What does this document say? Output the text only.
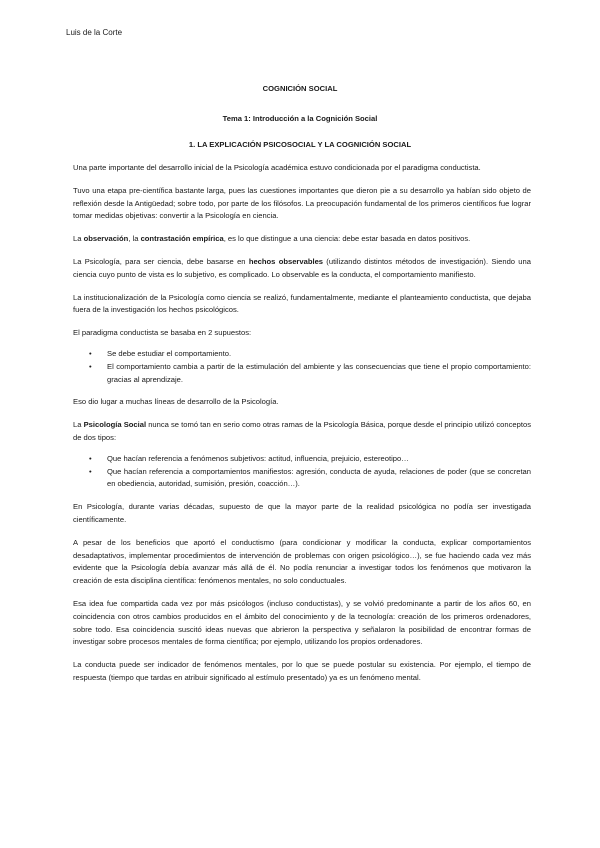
Luis de la Corte
COGNICIÓN SOCIAL
Tema 1: Introducción a la Cognición Social
1. LA EXPLICACIÓN PSICOSOCIAL Y LA COGNICIÓN SOCIAL

Una parte importante del desarrollo inicial de la Psicología académica estuvo condicionada por el paradigma conductista.

Tuvo una etapa pre-científica bastante larga, pues las cuestiones importantes que dieron pie a su desarrollo ya habían sido objeto de reflexión desde la Antigüedad; sobre todo, por parte de los filósofos. La preocupación fundamental de los primeros científicos fue lograr tomar medidas objetivas: convertir a la Psicología en ciencia.

La observación, la contrastación empírica, es lo que distingue a una ciencia: debe estar basada en datos positivos.

La Psicología, para ser ciencia, debe basarse en hechos observables (utilizando distintos métodos de investigación). Siendo una ciencia cuyo punto de vista es lo subjetivo, es complicado. Lo observable es la conducta, el comportamiento manifiesto.

La institucionalización de la Psicología como ciencia se realizó, fundamentalmente, mediante el planteamiento conductista, que dejaba fuera de la investigación los hechos psicológicos.

El paradigma conductista se basaba en 2 supuestos:

• Se debe estudiar el comportamiento.
• El comportamiento cambia a partir de la estimulación del ambiente y las consecuencias que tiene el propio comportamiento: gracias al aprendizaje.

Eso dio lugar a muchas líneas de desarrollo de la Psicología.

La Psicología Social nunca se tomó tan en serio como otras ramas de la Psicología Básica, porque desde el principio utilizó conceptos de dos tipos:

• Que hacían referencia a fenómenos subjetivos: actitud, influencia, prejuicio, estereotipo…
• Que hacían referencia a comportamientos manifiestos: agresión, conducta de ayuda, relaciones de poder (que se concretan en obediencia, autoridad, sumisión, presión, coacción…).

En Psicología, durante varias décadas, supuesto de que la mayor parte de la realidad psicológica no podía ser investigada científicamente.

A pesar de los beneficios que aportó el conductismo (para condicionar y modificar la conducta, explicar comportamientos desadaptativos, implementar procedimientos de intervención de problemas con origen psicológico…), se fue haciendo cada vez más evidente que la Psicología debía avanzar más allá de él. No podía renunciar a investigar todos los fenómenos que motivaron la creación de esta disciplina científica: fenómenos mentales, no solo conductuales.

Esa idea fue compartida cada vez por más psicólogos (incluso conductistas), y se volvió predominante a partir de los años 60, en coincidencia con otros cambios producidos en el ámbito del conocimiento y de la tecnología: creación de los primeros ordenadores, sobre todo. Esa coincidencia suscitó ideas nuevas que abrieron la perspectiva y señalaron la posibilidad de encontrar formas de investigar sobre procesos mentales de forma científica; por ejemplo, utilizando los propios ordenadores.

La conducta puede ser indicador de fenómenos mentales, por lo que se puede postular su existencia. Por ejemplo, el tiempo de respuesta (tiempo que tardas en atribuir significado al estímulo presentado) ya es un fenómeno mental.
